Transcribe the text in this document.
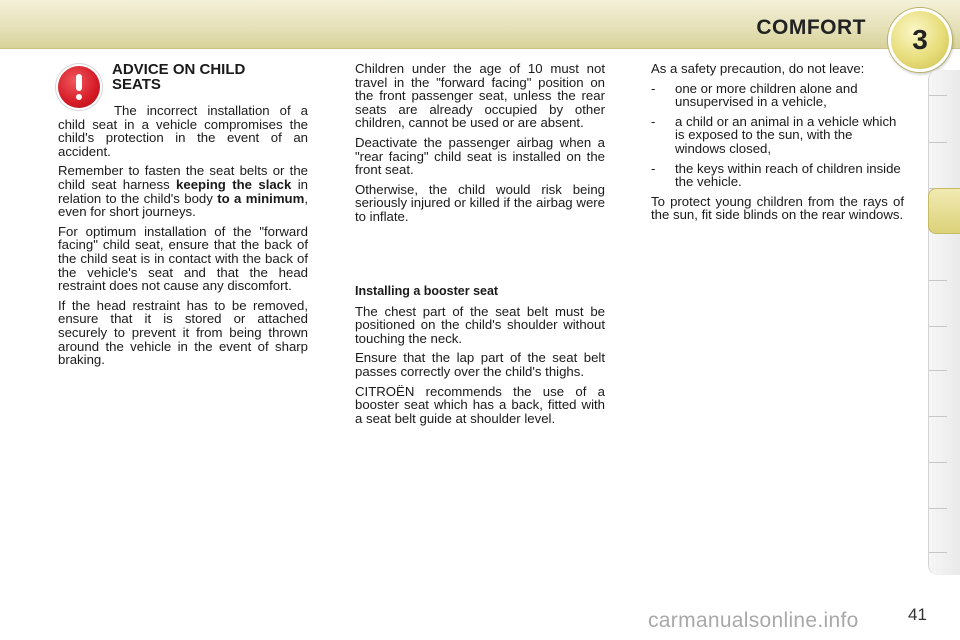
COMFORT	3
ADVICE ON CHILD SEATS

The incorrect installation of a child seat in a vehicle compromises the child's protection in the event of an accident.

Remember to fasten the seat belts or the child seat harness keeping the slack in relation to the child's body to a minimum, even for short journeys.

For optimum installation of the "forward facing" child seat, ensure that the back of the child seat is in contact with the back of the vehicle's seat and that the head restraint does not cause any discomfort.

If the head restraint has to be removed, ensure that it is stored or attached securely to prevent it from being thrown around the vehicle in the event of sharp braking.

Children under the age of 10 must not travel in the "forward facing" position on the front passenger seat, unless the rear seats are already occupied by other children, cannot be used or are absent.

Deactivate the passenger airbag when a "rear facing" child seat is installed on the front seat.

Otherwise, the child would risk being seriously injured or killed if the airbag were to inflate.

Installing a booster seat

The chest part of the seat belt must be positioned on the child's shoulder without touching the neck.

Ensure that the lap part of the seat belt passes correctly over the child's thighs.

CITROËN recommends the use of a booster seat which has a back, fitted with a seat belt guide at shoulder level.

As a safety precaution, do not leave:

-	one or more children alone and unsupervised in a vehicle,
-	a child or an animal in a vehicle which is exposed to the sun, with the windows closed,
-	the keys within reach of children inside the vehicle.

To protect young children from the rays of the sun, fit side blinds on the rear windows.

41
carmanualsonline.info
